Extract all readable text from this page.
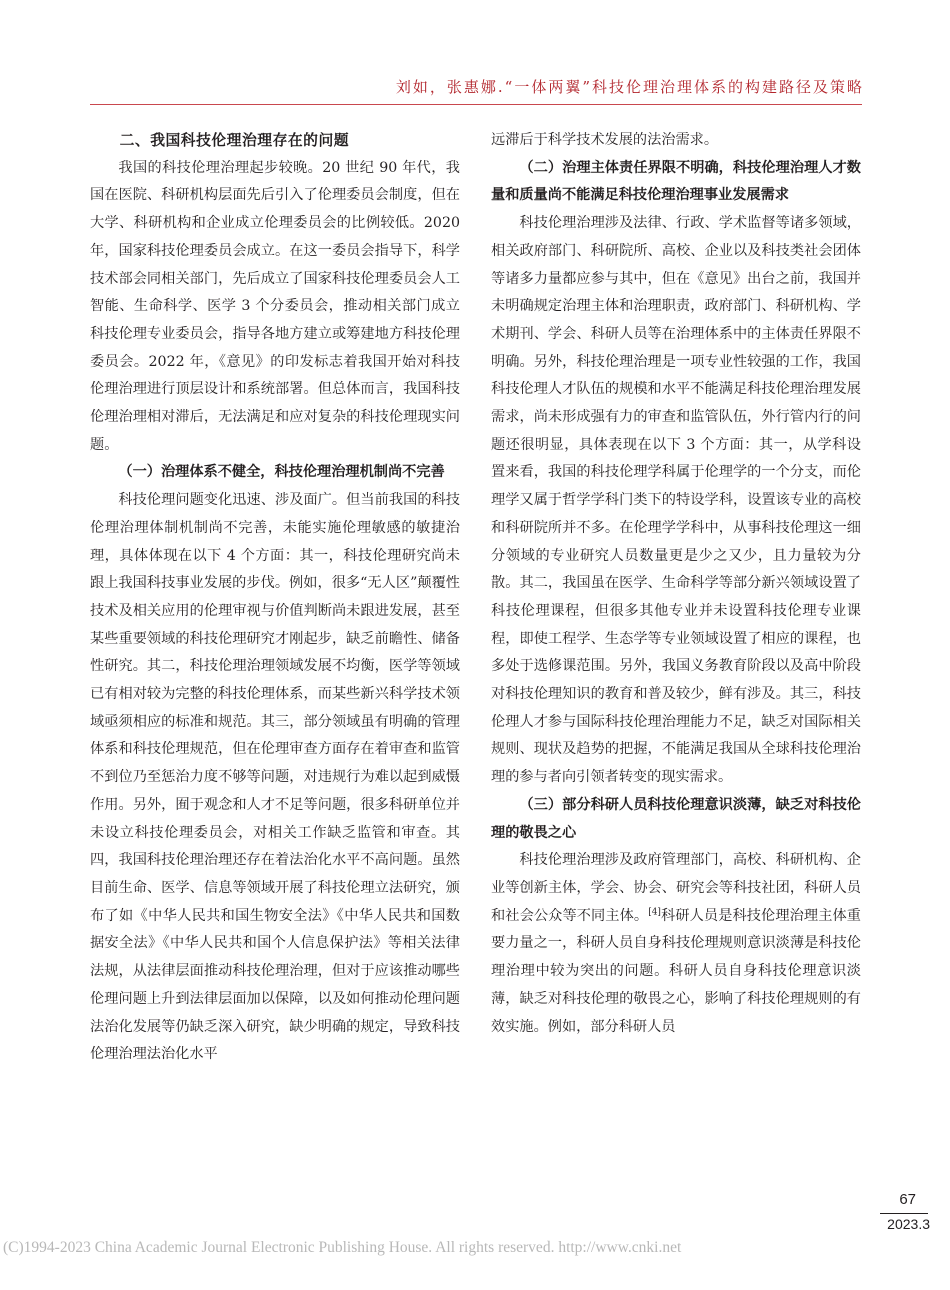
刘如，张惠娜.“一体两翼”科技伦理治理体系的构建路径及策略

二、我国科技伦理治理存在的问题

我国的科技伦理治理起步较晚。20 世纪 90 年代，我国在医院、科研机构层面先后引入了伦理委员会制度，但在大学、科研机构和企业成立伦理委员会的比例较低。2020 年，国家科技伦理委员会成立。在这一委员会指导下，科学技术部会同相关部门，先后成立了国家科技伦理委员会人工智能、生命科学、医学 3 个分委员会，推动相关部门成立科技伦理专业委员会，指导各地方建立或筹建地方科技伦理委员会。2022 年，《意见》的印发标志着我国开始对科技伦理治理进行顶层设计和系统部署。但总体而言，我国科技伦理治理相对滞后，无法满足和应对复杂的科技伦理现实问题。

（一）治理体系不健全，科技伦理治理机制尚不完善

科技伦理问题变化迅速、涉及面广。但当前我国的科技伦理治理体制机制尚不完善，未能实施伦理敏感的敏捷治理，具体体现在以下 4 个方面：其一，科技伦理研究尚未跟上我国科技事业发展的步伐。例如，很多“无人区”颠覆性技术及相关应用的伦理审视与价值判断尚未跟进发展，甚至某些重要领域的科技伦理研究才刚起步，缺乏前瞻性、储备性研究。其二，科技伦理治理领域发展不均衡，医学等领域已有相对较为完整的科技伦理体系，而某些新兴科学技术领域亟须相应的标准和规范。其三，部分领域虽有明确的管理体系和科技伦理规范，但在伦理审查方面存在着审查和监管不到位乃至惩治力度不够等问题，对违规行为难以起到威慑作用。另外，囿于观念和人才不足等问题，很多科研单位并未设立科技伦理委员会，对相关工作缺乏监管和审查。其四，我国科技伦理治理还存在着法治化水平不高问题。虽然目前生命、医学、信息等领域开展了科技伦理立法研究，颁布了如《中华人民共和国生物安全法》《中华人民共和国数据安全法》《中华人民共和国个人信息保护法》等相关法律法规，从法律层面推动科技伦理治理，但对于应该推动哪些伦理问题上升到法律层面加以保障，以及如何推动伦理问题法治化发展等仍缺乏深入研究，缺少明确的规定，导致科技伦理治理法治化水平

远滞后于科学技术发展的法治需求。

（二）治理主体责任界限不明确，科技伦理治理人才数量和质量尚不能满足科技伦理治理事业发展需求

科技伦理治理涉及法律、行政、学术监督等诸多领域，相关政府部门、科研院所、高校、企业以及科技类社会团体等诸多力量都应参与其中，但在《意见》出台之前，我国并未明确规定治理主体和治理职责，政府部门、科研机构、学术期刊、学会、科研人员等在治理体系中的主体责任界限不明确。另外，科技伦理治理是一项专业性较强的工作，我国科技伦理人才队伍的规模和水平不能满足科技伦理治理发展需求，尚未形成强有力的审查和监管队伍，外行管内行的问题还很明显，具体表现在以下 3 个方面：其一，从学科设置来看，我国的科技伦理学科属于伦理学的一个分支，而伦理学又属于哲学学科门类下的特设学科，设置该专业的高校和科研院所并不多。在伦理学学科中，从事科技伦理这一细分领域的专业研究人员数量更是少之又少，且力量较为分散。其二，我国虽在医学、生命科学等部分新兴领域设置了科技伦理课程，但很多其他专业并未设置科技伦理专业课程，即使工程学、生态学等专业领域设置了相应的课程，也多处于选修课范围。另外，我国义务教育阶段以及高中阶段对科技伦理知识的教育和普及较少，鲜有涉及。其三，科技伦理人才参与国际科技伦理治理能力不足，缺乏对国际相关规则、现状及趋势的把握，不能满足我国从全球科技伦理治理的参与者向引领者转变的现实需求。

（三）部分科研人员科技伦理意识淡薄，缺乏对科技伦理的敬畏之心

科技伦理治理涉及政府管理部门，高校、科研机构、企业等创新主体，学会、协会、研究会等科技社团，科研人员和社会公众等不同主体。[4]科研人员是科技伦理治理主体重要力量之一，科研人员自身科技伦理规则意识淡薄是科技伦理治理中较为突出的问题。科研人员自身科技伦理意识淡薄，缺乏对科技伦理的敬畏之心，影响了科技伦理规则的有效实施。例如，部分科研人员

67
2023.3
(C)1994-2023 China Academic Journal Electronic Publishing House. All rights reserved. http://www.cnki.net
